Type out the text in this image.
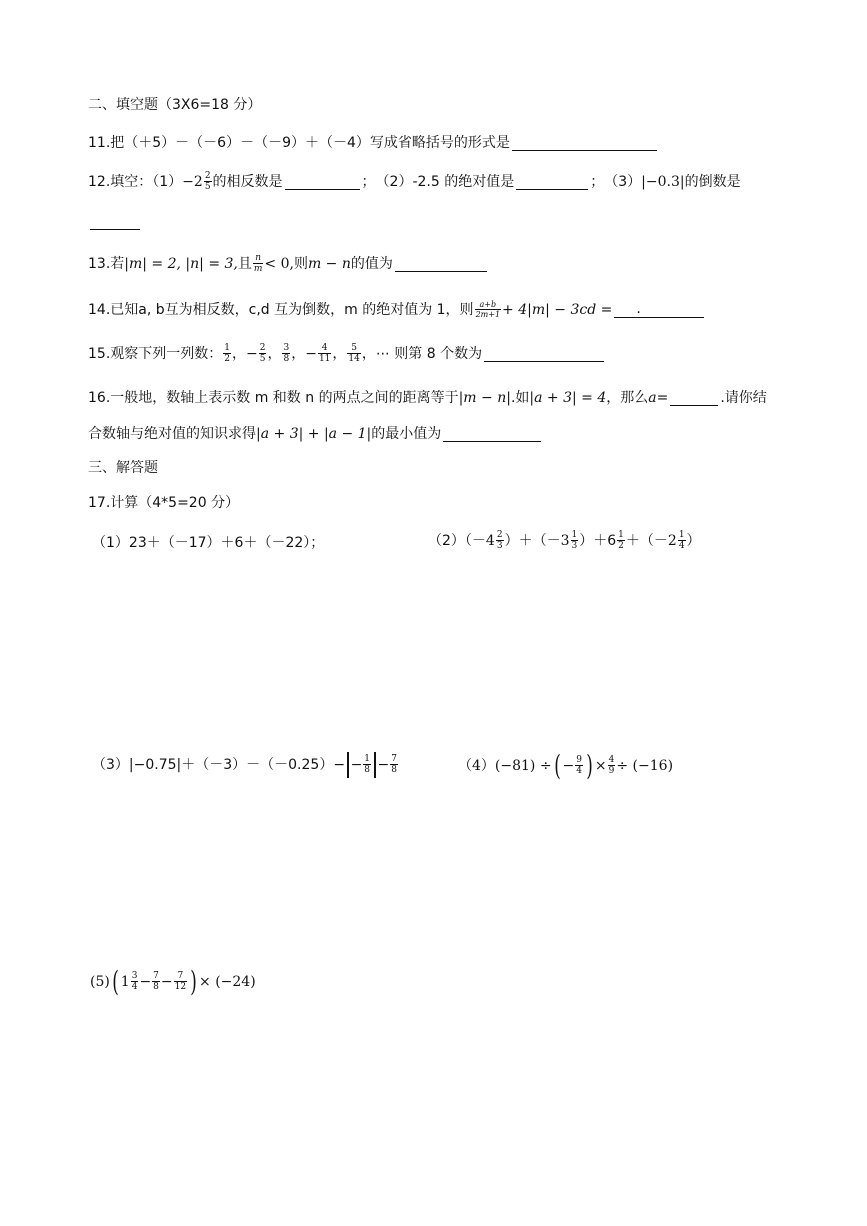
二、填空题（3X6=18 分）
11.把（＋5）－（－6）－（－9）＋（－4）写成省略括号的形式是
12.填空：$(1) -2 \frac{2}{5}$ 的相反数是	； （2）-2.5 的绝对值是	； （3） |−0.3| 的倒数是
13.若 |m| = 2, |n| = 3, 且 $\frac{n}{m} < 0$, 则 m − n 的值为
14.已知a, b互为相反数，c,d 互为倒数，m 的绝对值为 1，则 $\frac{a+b}{2m+1} + 4|m| - 3cd$ = .
15.观察下列一列数： $\frac{1}{2}$ ， − $\frac{2}{5}$ ， $\frac{3}{8}$ ， − $\frac{4}{11}$ ， $\frac{5}{14}$ ， ⋯ 则第 8 个数为
16.一般地，数轴上表示数 m 和数 n 的两点之间的距离等于 |m − n| .如 |a + 3| = 4 ，那么 a =	.请你结
合数轴与绝对值的知识求得 |a + 3| + |a − 1| 的最小值为
三、解答题
17.计算（4*5=20 分）
（1）23＋（－17）＋6＋（－22）；	$(2)( -4 \frac{2}{3}$ ）＋（ $-3 \frac{1}{3} )+6 \frac{1}{2}$ ＋（ $-2 \frac{1}{4}$ ）
$(3)|-0.75|+(-3)-(-0.25)- - \frac{1}{8} - \frac{7}{8}$	（4）(−81) ÷ ( − $\frac{9}{4}$ ) × $\frac{4}{9} \div (-16)$
(5) ( $1 \frac{3}{4} - \frac{7}{8} - \frac{7}{12}$ ) × (−24)
